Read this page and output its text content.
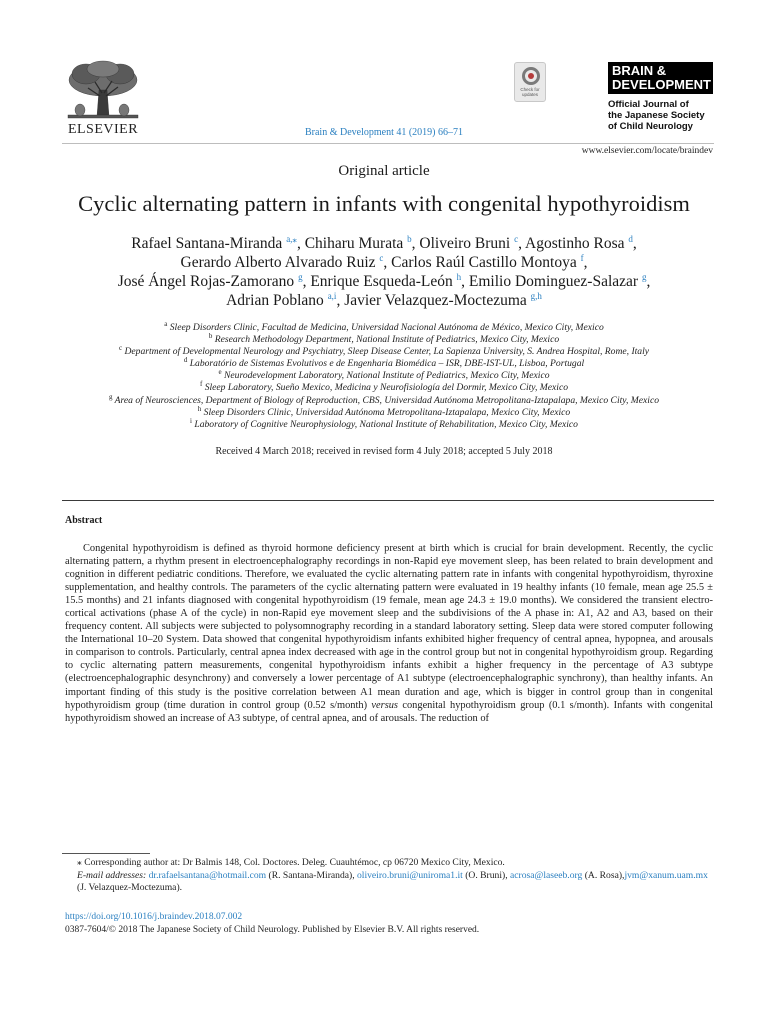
ELSEVIER	Brain & Development 41 (2019) 66–71
Check for updates
BRAIN &
DEVELOPMENT
Official Journal of
the Japanese Society
of Child Neurology
www.elsevier.com/locate/braindev
Original article
Cyclic alternating pattern in infants with congenital hypothyroidism
Rafael Santana-Miranda $^{a,⁎}$, Chiharu Murata $^b$, Oliveiro Bruni $^c$, Agostinho Rosa $^d$,
Gerardo Alberto Alvarado Ruiz $^c$, Carlos Raúl Castillo Montoya $^f$,
José Ángel Rojas-Zamorano $^g$, Enrique Esqueda-León $^h$, Emilio Dominguez-Salazar $^g$,
Adrian Poblano $^{a,i}$, Javier Velazquez-Moctezuma $^{g,h}$
$^a$ Sleep Disorders Clinic, Facultad de Medicina, Universidad Nacional Autónoma de México, Mexico City, Mexico
$^b$ Research Methodology Department, National Institute of Pediatrics, Mexico City, Mexico
$^c$ Department of Developmental Neurology and Psychiatry, Sleep Disease Center, La Sapienza University, S. Andrea Hospital, Rome, Italy
$^d$ Laboratório de Sistemas Evolutivos e de Engenharia Biomédica – ISR, DBE-IST-UL, Lisboa, Portugal
$^e$ Neurodevelopment Laboratory, National Institute of Pediatrics, Mexico City, Mexico
$^f$ Sleep Laboratory, Sueño Mexico, Medicina y Neurofisiología del Dormir, Mexico City, Mexico
$^g$ Area of Neurosciences, Department of Biology of Reproduction, CBS, Universidad Autónoma Metropolitana-Iztapalapa, Mexico City, Mexico
$^h$ Sleep Disorders Clinic, Universidad Autónoma Metropolitana-Iztapalapa, Mexico City, Mexico
$^i$ Laboratory of Cognitive Neurophysiology, National Institute of Rehabilitation, Mexico City, Mexico
Received 4 March 2018; received in revised form 4 July 2018; accepted 5 July 2018
Abstract
Congenital hypothyroidism is defined as thyroid hormone deficiency present at birth which is crucial for brain development. Recently, the cyclic alternating pattern, a rhythm present in electroencephalography recordings in non-Rapid eye movement sleep, has been related to brain development and cognition in different pediatric conditions. Therefore, we evaluated the cyclic alternating pattern rate in infants with congenital hypothyroidism, thyroxine supplementation, and healthy controls. The parameters of the cyclic alternating pattern were evaluated in 19 healthy infants (10 female, mean age 25.5 ± 15.5 months) and 21 infants diagnosed with congenital hypothyroidism (19 female, mean age 24.3 ± 19.0 months). We considered the transient electro-cortical activations (phase A of the cycle) in non-Rapid eye movement sleep and the subdivisions of the A phase in: A1, A2 and A3, based on their frequency content. All subjects were subjected to polysomnography recording in a standard laboratory setting. Sleep data were stored computer following the International 10–20 System. Data showed that congenital hypothyroidism infants exhibited higher frequency of central apnea, hypopnea, and arousals in comparison to controls. Particularly, central apnea index decreased with age in the control group but not in congenital hypothyroidism group. Regarding to cyclic alternating pattern measurements, congenital hypothyroidism infants exhibit a higher frequency in the percentage of A3 subtype (electroencephalographic desynchrony) and conversely a lower percentage of A1 subtype (electroencephalographic synchrony), than healthy infants. An important finding of this study is the positive correlation between A1 mean duration and age, which is bigger in control group than in congenital hypothyroidism group (time duration in control group (0.52 s/month) versus congenital hypothyroidism group (0.1 s/month). Infants with congenital hypothyroidism showed an increase of A3 subtype, of central apnea, and of arousals. The reduction of
⁎ Corresponding author at: Dr Balmis 148, Col. Doctores. Deleg. Cuauhtémoc, cp 06720 Mexico City, Mexico.
E-mail addresses: dr.rafaelsantana@hotmail.com (R. Santana-Miranda), oliveiro.bruni@uniroma1.it (O. Bruni), acrosa@laseeb.org (A. Rosa),jvm@xanum.uam.mx (J. Velazquez-Moctezuma).
https://doi.org/10.1016/j.braindev.2018.07.002
0387-7604/© 2018 The Japanese Society of Child Neurology. Published by Elsevier B.V. All rights reserved.
